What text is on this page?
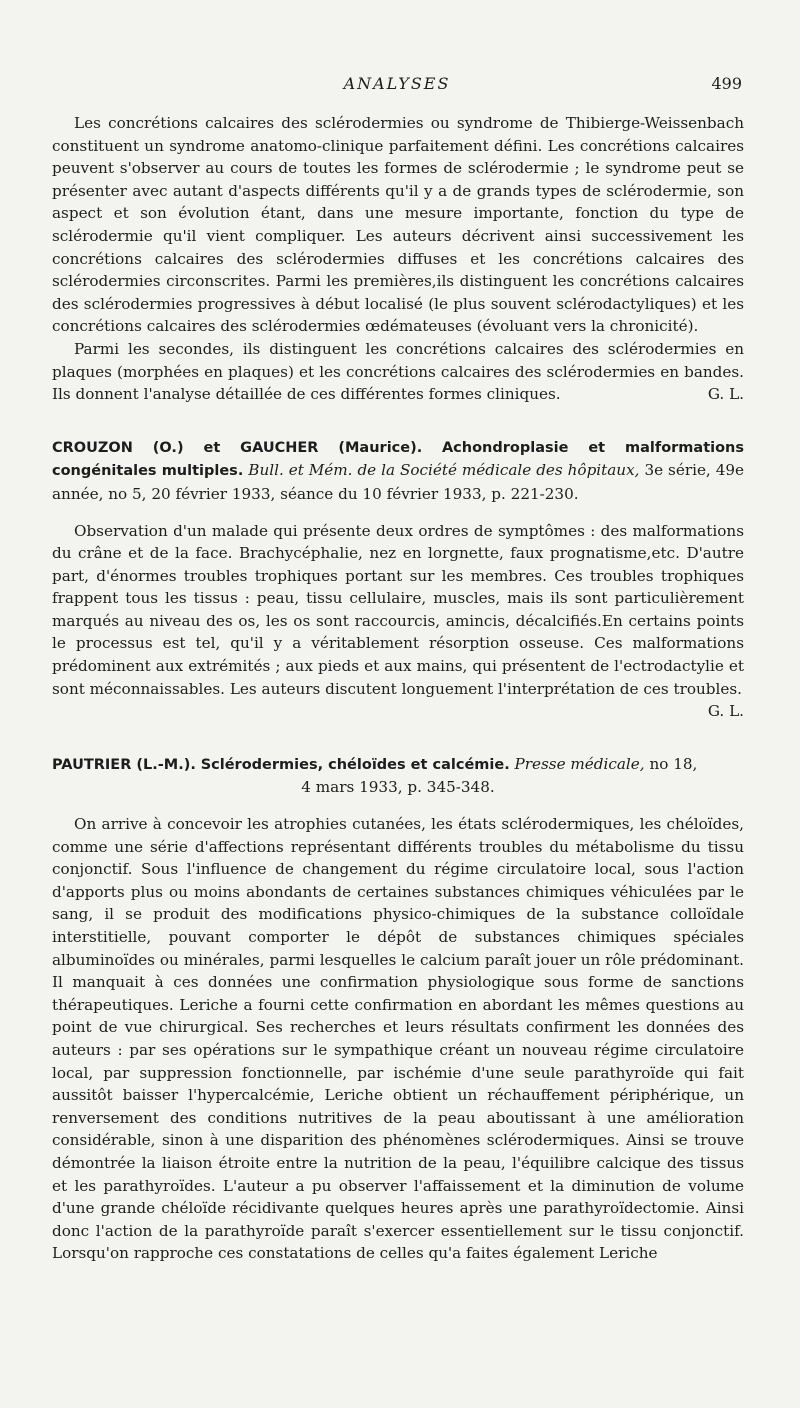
ANALYSES	499

Les concrétions calcaires des sclérodermies ou syndrome de Thibierge-Weissenbach constituent un syndrome anatomo-clinique parfaitement défini. Les concrétions calcaires peuvent s'observer au cours de toutes les formes de sclérodermie ; le syndrome peut se présenter avec autant d'aspects différents qu'il y a de grands types de sclérodermie, son aspect et son évolution étant, dans une mesure importante, fonction du type de sclérodermie qu'il vient compliquer. Les auteurs décrivent ainsi successivement les concrétions calcaires des sclérodermies diffuses et les concrétions calcaires des sclérodermies circonscrites. Parmi les premières,ils distinguent les concrétions calcaires des sclérodermies progressives à début localisé (le plus souvent sclérodactyliques) et les concrétions calcaires des sclérodermies œdémateuses (évoluant vers la chronicité).

Parmi les secondes, ils distinguent les concrétions calcaires des sclérodermies en plaques (morphées en plaques) et les concrétions calcaires des sclérodermies en bandes. Ils donnent l'analyse détaillée de ces différentes formes cliniques.	G. L.

CROUZON (O.) et GAUCHER (Maurice). Achondroplasie et malformations congénitales multiples. Bull. et Mém. de la Société médicale des hôpitaux, 3e série, 49e année, no 5, 20 février 1933, séance du 10 février 1933, p. 221-230.

Observation d'un malade qui présente deux ordres de symptômes : des malformations du crâne et de la face. Brachycéphalie, nez en lorgnette, faux prognatisme,etc. D'autre part, d'énormes troubles trophiques portant sur les membres. Ces troubles trophiques frappent tous les tissus : peau, tissu cellulaire, muscles, mais ils sont particulièrement marqués au niveau des os, les os sont raccourcis, amincis, décalcifiés.En certains points le processus est tel, qu'il y a véritablement résorption osseuse. Ces malformations prédominent aux extrémités ; aux pieds et aux mains, qui présentent de l'ectrodactylie et sont méconnaissables. Les auteurs discutent longuement l'interprétation de ces troubles.
G. L.

PAUTRIER (L.-M.). Sclérodermies, chéloïdes et calcémie. Presse médicale, no 18,
4 mars 1933, p. 345-348.

On arrive à concevoir les atrophies cutanées, les états sclérodermiques, les chéloïdes, comme une série d'affections représentant différents troubles du métabolisme du tissu conjonctif. Sous l'influence de changement du régime circulatoire local, sous l'action d'apports plus ou moins abondants de certaines substances chimiques véhiculées par le sang, il se produit des modifications physico-chimiques de la substance colloïdale interstitielle, pouvant comporter le dépôt de substances chimiques spéciales albuminoïdes ou minérales, parmi lesquelles le calcium paraît jouer un rôle prédominant. Il manquait à ces données une confirmation physiologique sous forme de sanctions thérapeutiques. Leriche a fourni cette confirmation en abordant les mêmes questions au point de vue chirurgical. Ses recherches et leurs résultats confirment les données des auteurs : par ses opérations sur le sympathique créant un nouveau régime circulatoire local, par suppression fonctionnelle, par ischémie d'une seule parathyroïde qui fait aussitôt baisser l'hypercalcémie, Leriche obtient un réchauffement périphérique, un renversement des conditions nutritives de la peau aboutissant à une amélioration considérable, sinon à une disparition des phénomènes sclérodermiques. Ainsi se trouve démontrée la liaison étroite entre la nutrition de la peau, l'équilibre calcique des tissus et les parathyroïdes. L'auteur a pu observer l'affaissement et la diminution de volume d'une grande chéloïde récidivante quelques heures après une parathyroïdectomie. Ainsi donc l'action de la parathyroïde paraît s'exercer essentiellement sur le tissu conjonctif. Lorsqu'on rapproche ces constatations de celles qu'a faites également Leriche
